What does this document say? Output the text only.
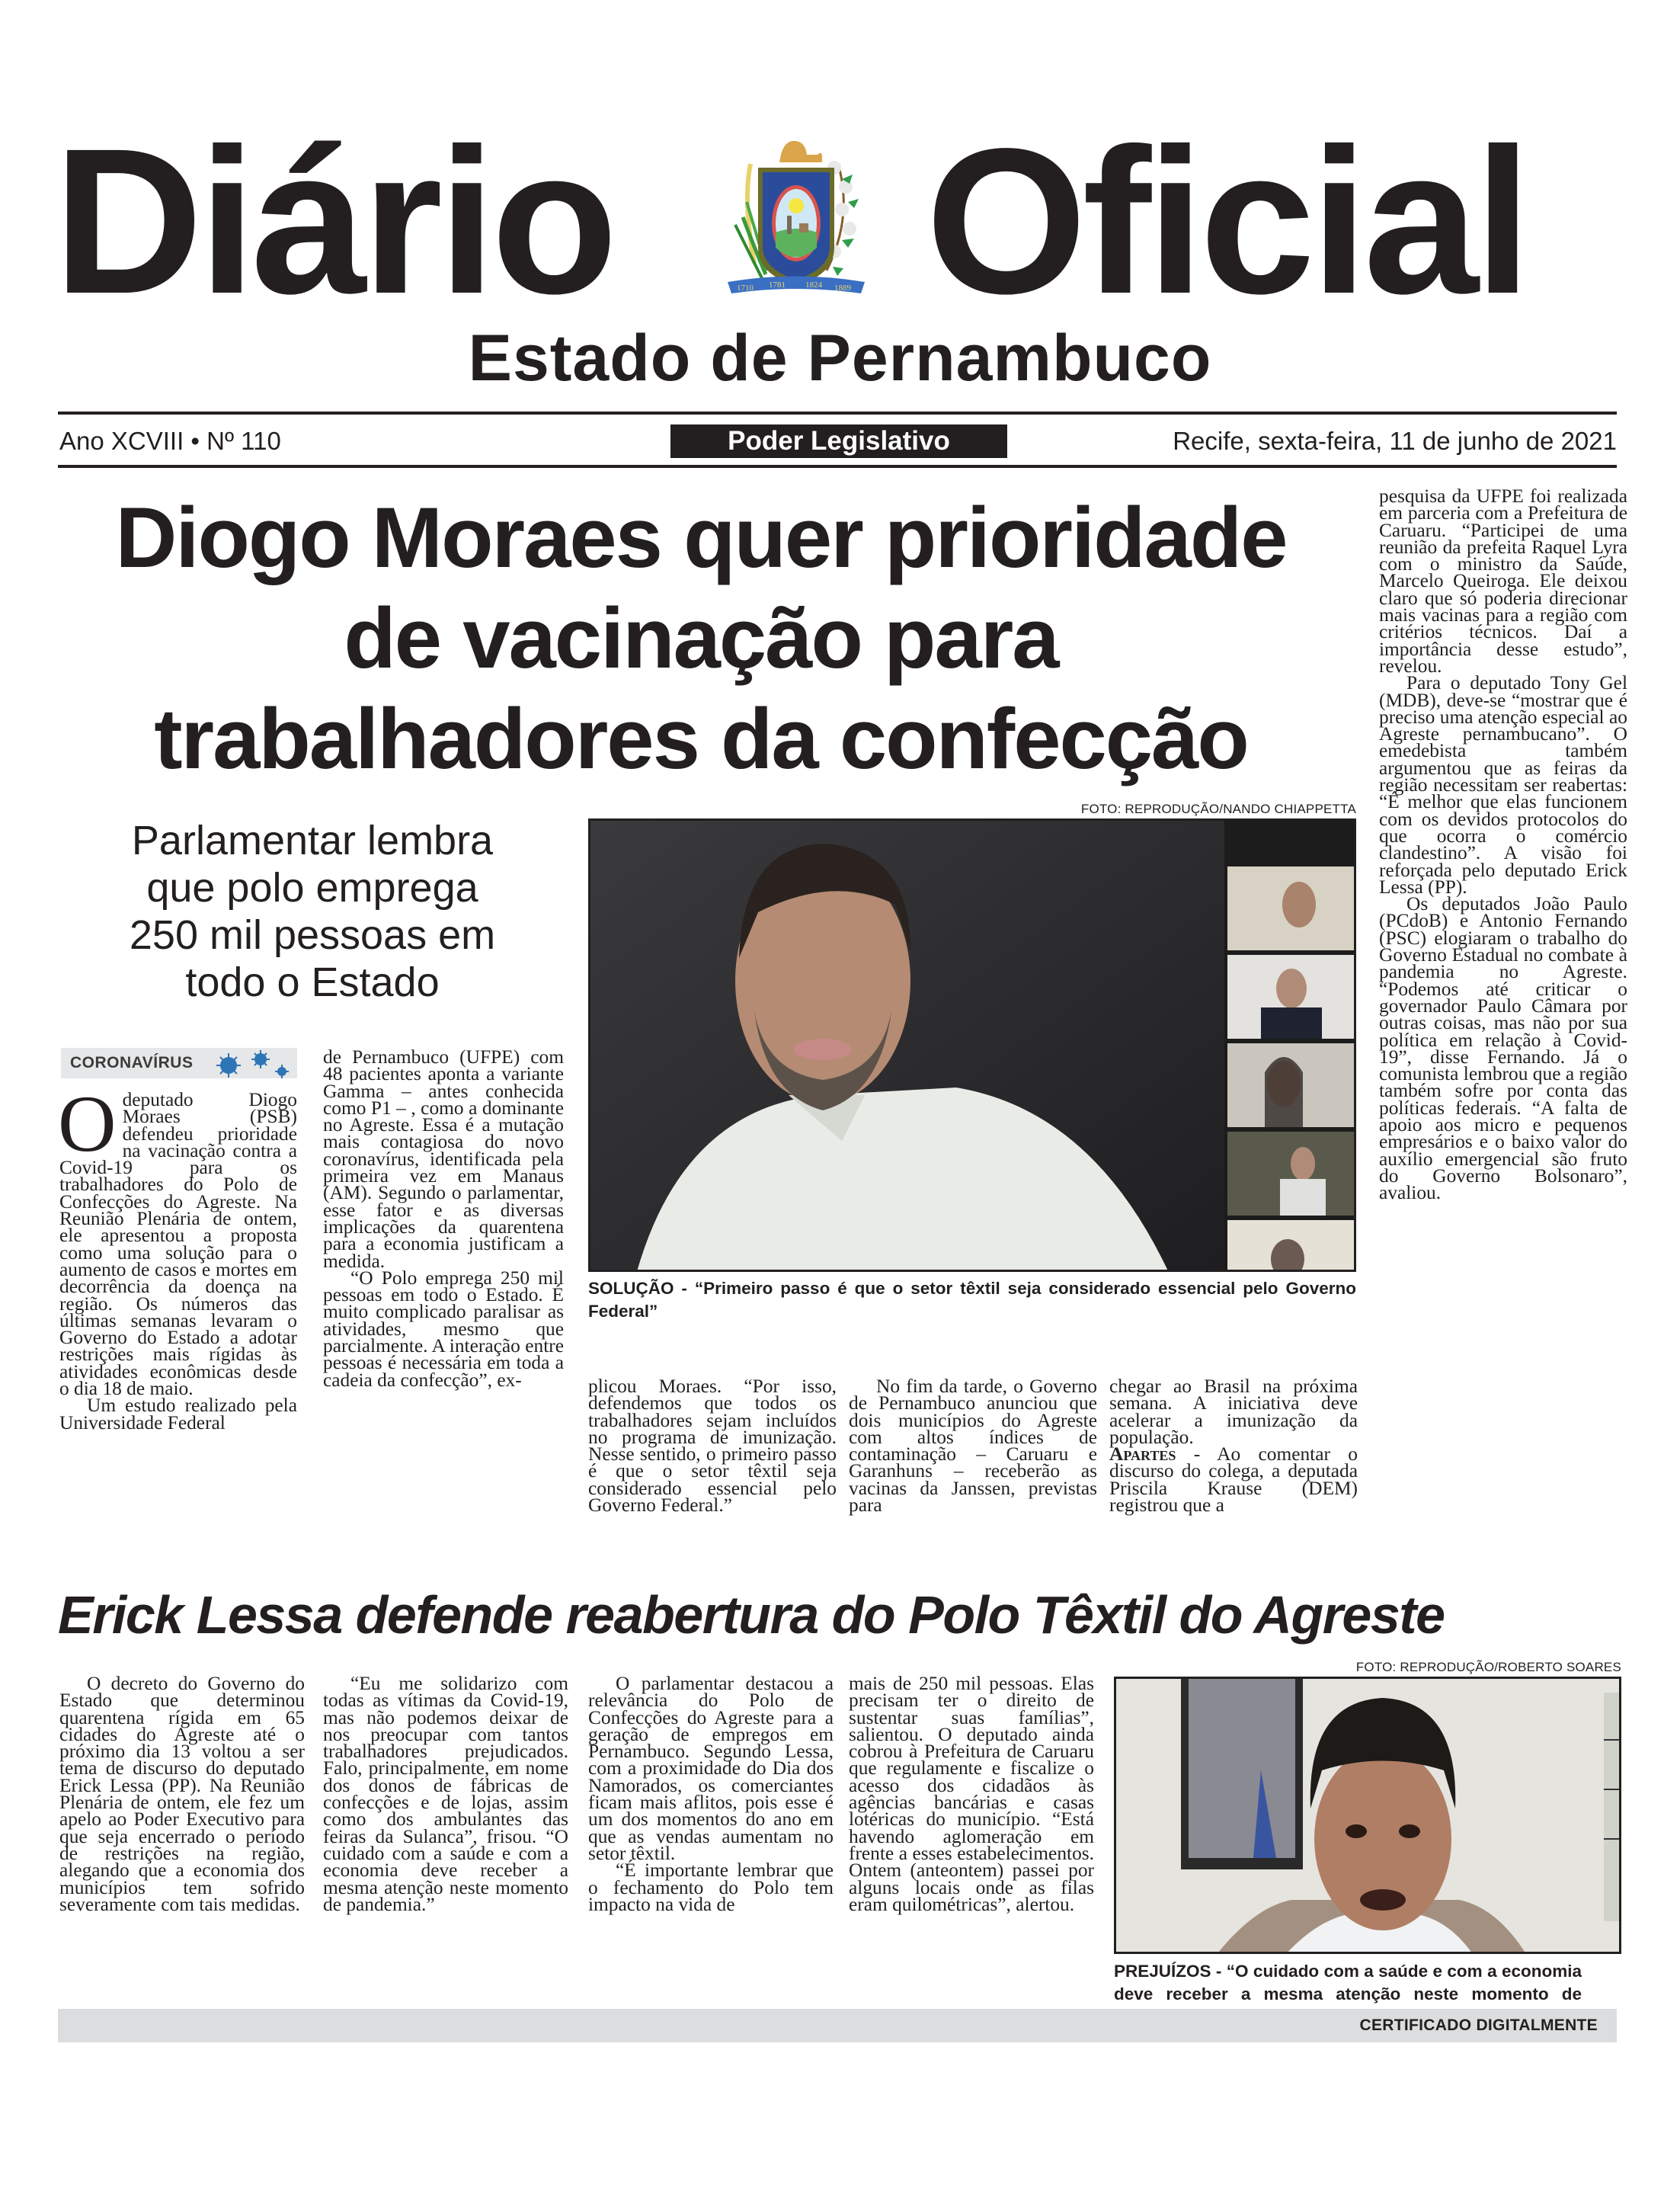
Diário	1710 1781 1824 1889 Oficial
Estado de Pernambuco
Ano XCVIII • Nº 110	Poder Legislativo	Recife, sexta-feira, 11 de junho de 2021
Diogo Moraes quer prioridade
de vacinação para
trabalhadores da confecção
Parlamentar lembra
que polo emprega
250 mil pessoas em
todo o Estado
CORONAVÍRUS

Odeputado Diogo Moraes (PSB) defendeu prioridade na vacinação contra a Covid-19 para os trabalhadores do Polo de Confecções do Agreste. Na Reunião Plenária de ontem, ele apresentou a proposta como uma solução para o aumento de casos e mortes em decorrência da doença na região. Os números das últimas semanas levaram o Governo do Estado a adotar restrições mais rígidas às atividades econômicas desde o dia 18 de maio.

Um estudo realizado pela Universidade Federal

de Pernambuco (UFPE) com 48 pacientes aponta a variante Gamma – antes conhecida como P1 – , como a dominante no Agreste. Essa é a mutação mais contagiosa do novo coronavírus, identificada pela primeira vez em Manaus (AM). Segundo o parlamentar, esse fator e as diversas implicações da quarentena para a economia justificam a medida.

“O Polo emprega 250 mil pessoas em todo o Estado. É muito complicado paralisar as atividades, mesmo que parcialmente. A interação entre pessoas é necessária em toda a cadeia da confecção”, ex-

FOTO: REPRODUÇÃO/NANDO CHIAPPETTA
SOLUÇÃO - “Primeiro passo é que o setor têxtil seja considerado essencial pelo Governo Federal”

plicou Moraes. “Por isso, defendemos que todos os trabalhadores sejam incluídos no programa de imunização. Nesse sentido, o primeiro passo é que o setor têxtil seja considerado essencial pelo Governo Federal.”

No fim da tarde, o Governo de Pernambuco anunciou que dois municípios do Agreste com altos índices de contaminação – Caruaru e Garanhuns – receberão as vacinas da Janssen, previstas para

chegar ao Brasil na próxima semana. A iniciativa deve acelerar a imunização da população.

Apartes - Ao comentar o discurso do colega, a deputada Priscila Krause (DEM) registrou que a

pesquisa da UFPE foi realizada em parceria com a Prefeitura de Caruaru. “Participei de uma reunião da prefeita Raquel Lyra com o ministro da Saúde, Marcelo Queiroga. Ele deixou claro que só poderia direcionar mais vacinas para a região com critérios técnicos. Daí a importância desse estudo”, revelou.

Para o deputado Tony Gel (MDB), deve-se “mostrar que é preciso uma atenção especial ao Agreste pernambucano”. O emedebista também argumentou que as feiras da região necessitam ser reabertas: “É melhor que elas funcionem com os devidos protocolos do que ocorra o comércio clandestino”. A visão foi reforçada pelo deputado Erick Lessa (PP).

Os deputados João Paulo (PCdoB) e Antonio Fernando (PSC) elogiaram o trabalho do Governo Estadual no combate à pandemia no Agreste. “Podemos até criticar o governador Paulo Câmara por outras coisas, mas não por sua política em relação à Covid-19”, disse Fernando. Já o comunista lembrou que a região também sofre por conta das políticas federais. “A falta de apoio aos micro e pequenos empresários e o baixo valor do auxílio emergencial são fruto do Governo Bolsonaro”, avaliou.

Erick Lessa defende reabertura do Polo Têxtil do Agreste

O decreto do Governo do Estado que determinou quarentena rígida em 65 cidades do Agreste até o próximo dia 13 voltou a ser tema de discurso do deputado Erick Lessa (PP). Na Reunião Plenária de ontem, ele fez um apelo ao Poder Executivo para que seja encerrado o período de restrições na região, alegando que a economia dos municípios tem sofrido severamente com tais medidas.

“Eu me solidarizo com todas as vítimas da Covid-19, mas não podemos deixar de nos preocupar com tantos trabalhadores prejudicados. Falo, principalmente, em nome dos donos de fábricas de confecções e de lojas, assim como dos ambulantes das feiras da Sulanca”, frisou. “O cuidado com a saúde e com a economia deve receber a mesma atenção neste momento de pandemia.”

O parlamentar destacou a relevância do Polo de Confecções do Agreste para a geração de empregos em Pernambuco. Segundo Lessa, com a proximidade do Dia dos Namorados, os comerciantes ficam mais aflitos, pois esse é um dos momentos do ano em que as vendas aumentam no setor têxtil.

“É importante lembrar que o fechamento do Polo tem impacto na vida de

mais de 250 mil pessoas. Elas precisam ter o direito de sustentar suas famílias”, salientou. O deputado ainda cobrou à Prefeitura de Caruaru que regulamente e fiscalize o acesso dos cidadãos às agências bancárias e casas lotéricas do município. “Está havendo aglomeração em frente a esses estabelecimentos. Ontem (anteontem) passei por alguns locais onde as filas eram quilométricas”, alertou.

FOTO: REPRODUÇÃO/ROBERTO SOARES
PREJUÍZOS - “O cuidado com a saúde e com a economia deve receber a mesma atenção neste momento de
CERTIFICADO DIGITALMENTE
